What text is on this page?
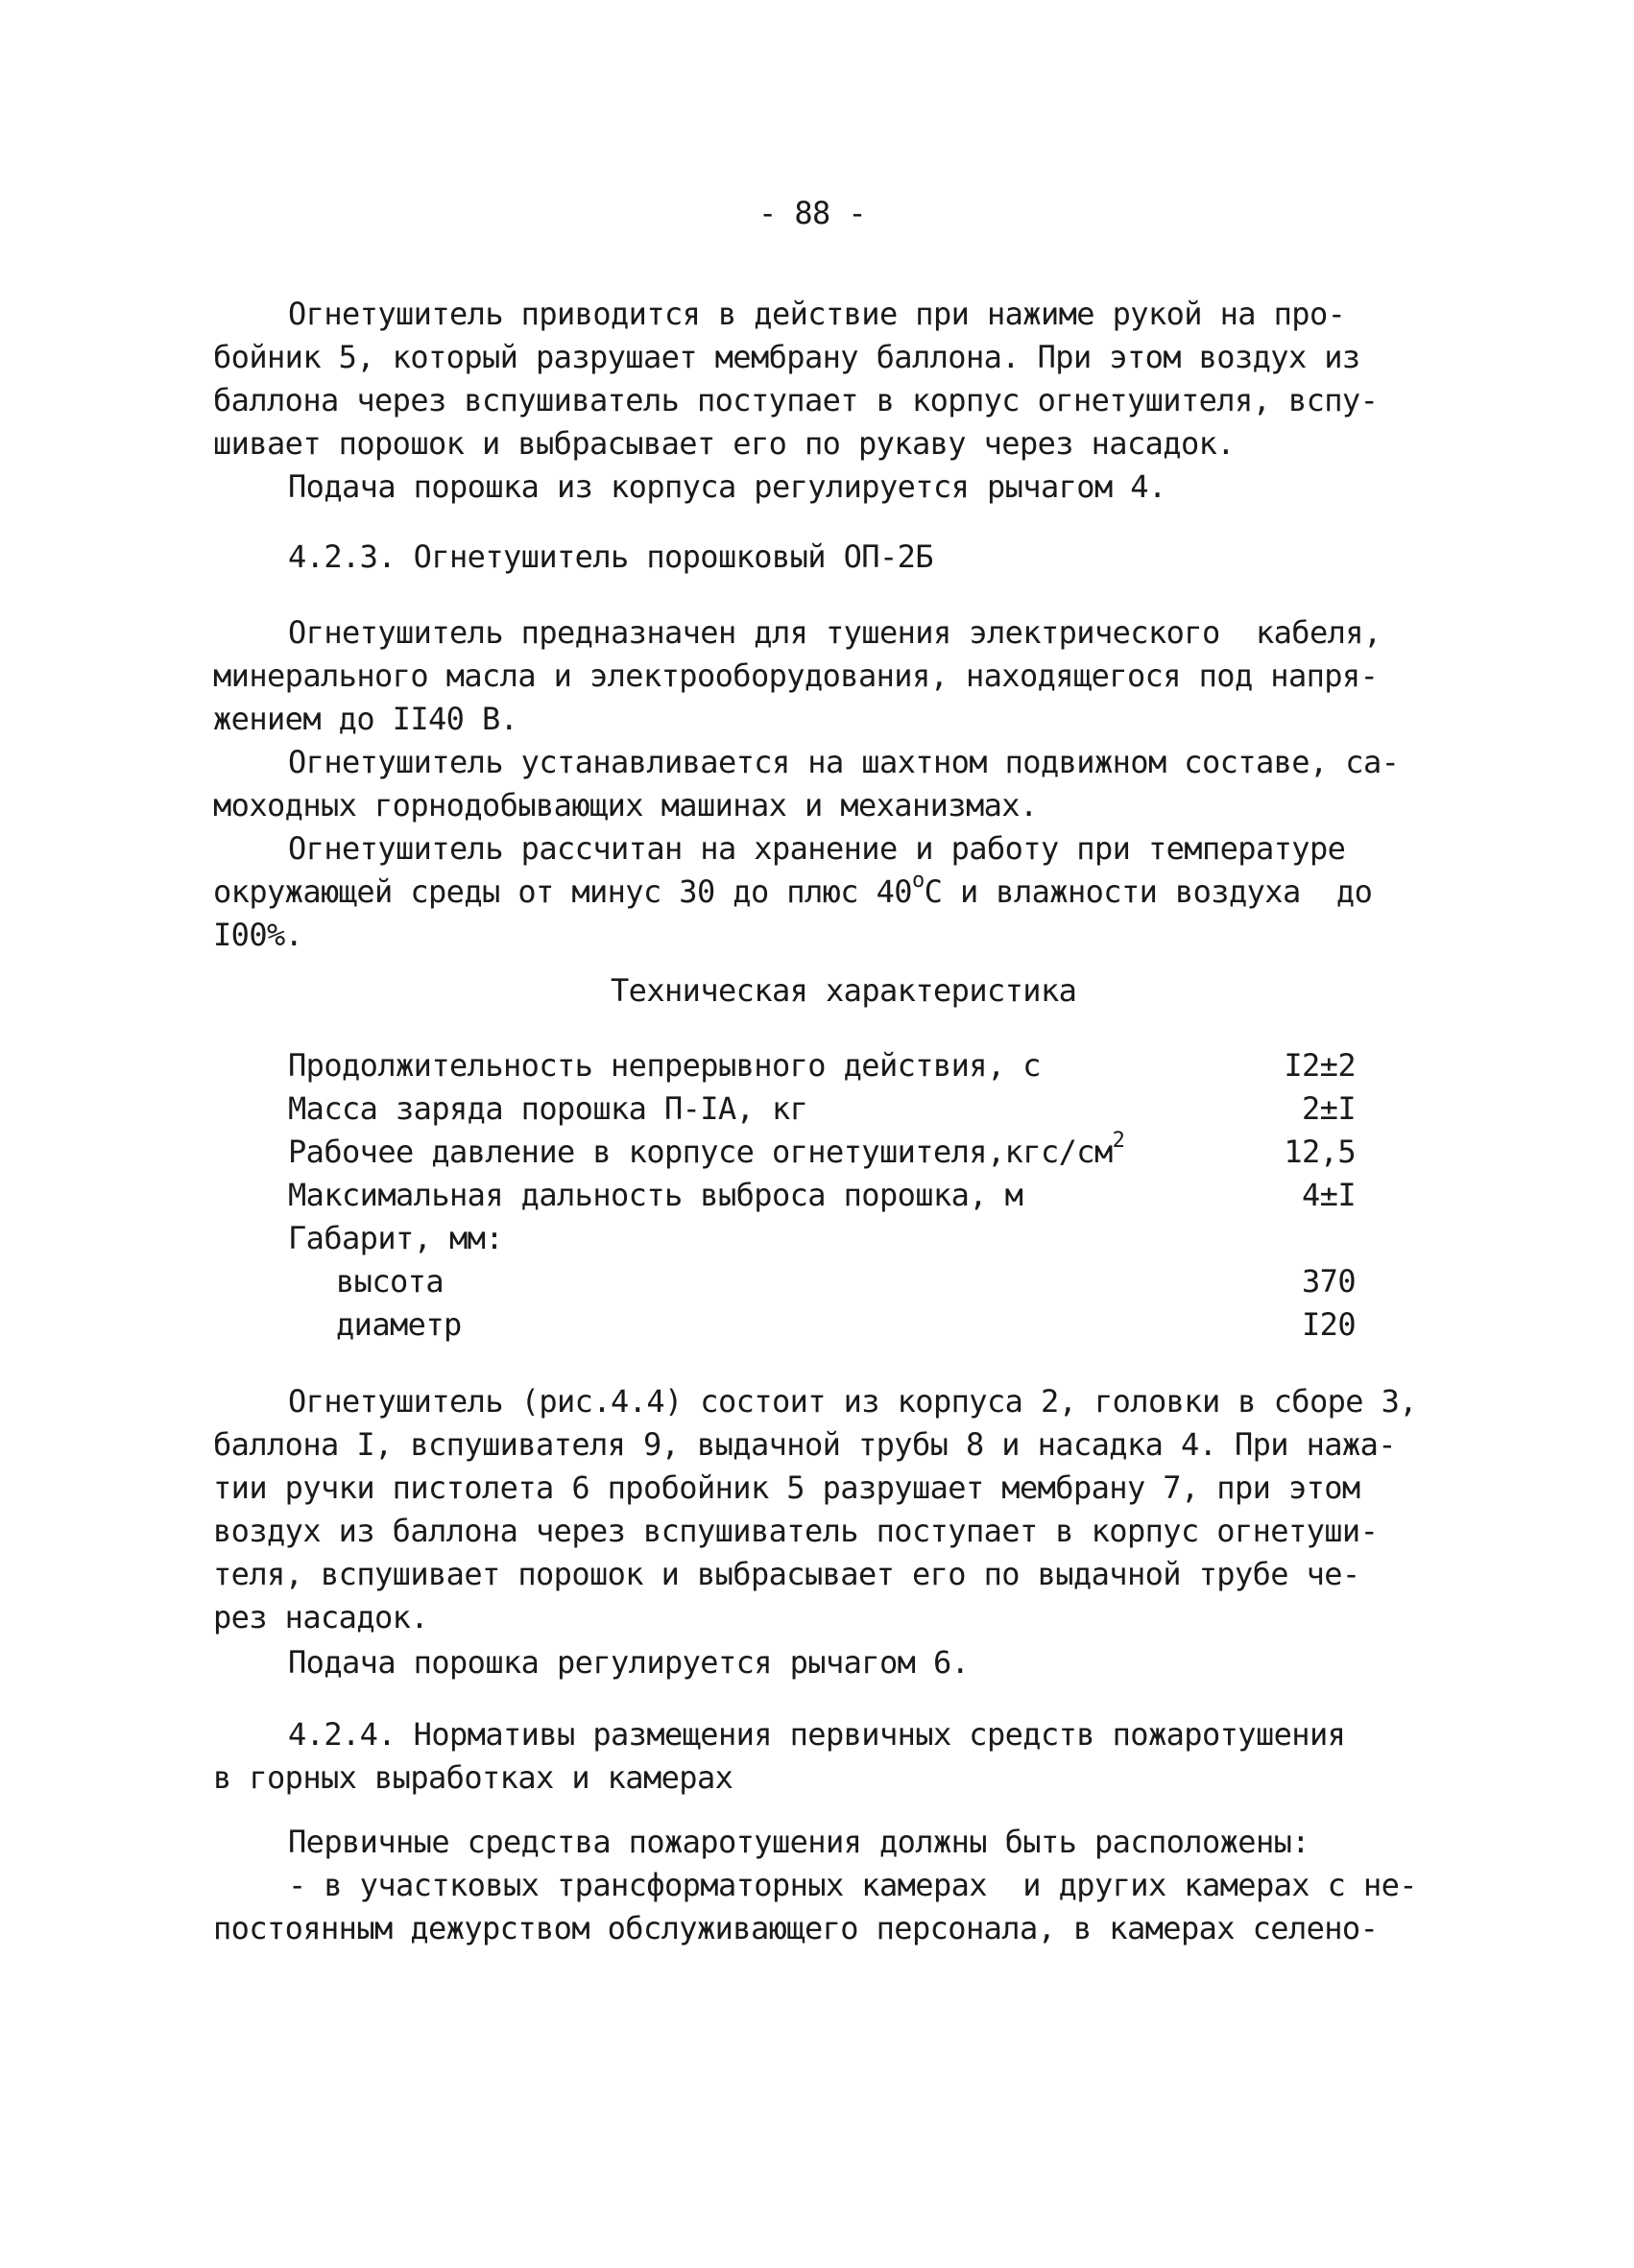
- 88 -
Огнетушитель приводится в действие при нажиме рукой на про-
бойник 5, который разрушает мембрану баллона. При этом воздух из
баллона через вспушиватель поступает в корпус огнетушителя, вспу-
шивает порошок и выбрасывает его по рукаву через насадок.
Подача порошка из корпуса регулируется рычагом 4.
4.2.3. Огнетушитель порошковый ОП-2Б
Огнетушитель предназначен для тушения электрического  кабеля,
минерального масла и электрооборудования, находящегося под напря-
жением до II40 В.
Огнетушитель устанавливается на шахтном подвижном составе, са-
моходных горнодобывающих машинах и механизмах.
Огнетушитель рассчитан на хранение и работу при температуре
окружающей среды от минус 30 до плюс $40^оС$ и влажности воздуха  до
I00%.
Техническая характеристика
Продолжительность непрерывного действия, с	I2±2
Масса заряда порошка П-IA, кг	2±I
Рабочее давление в корпусе $огнетушителя,кгс/см^2$	12,5
Максимальная дальность выброса порошка, м	4±I
Габарит, мм:
высота	370
диаметр	I20
Огнетушитель (рис.4.4) состоит из корпуса 2, головки в сборе 3,
баллона I, вспушивателя 9, выдачной трубы 8 и насадка 4. При нажа-
тии ручки пистолета 6 пробойник 5 разрушает мембрану 7, при этом
воздух из баллона через вспушиватель поступает в корпус огнетуши-
теля, вспушивает порошок и выбрасывает его по выдачной трубе че-
рез насадок.
Подача порошка регулируется рычагом 6.
4.2.4. Нормативы размещения первичных средств пожаротушения
в горных выработках и камерах
Первичные средства пожаротушения должны быть расположены:
- в участковых трансформаторных камерах  и других камерах с не-
постоянным дежурством обслуживающего персонала, в камерах селено-
